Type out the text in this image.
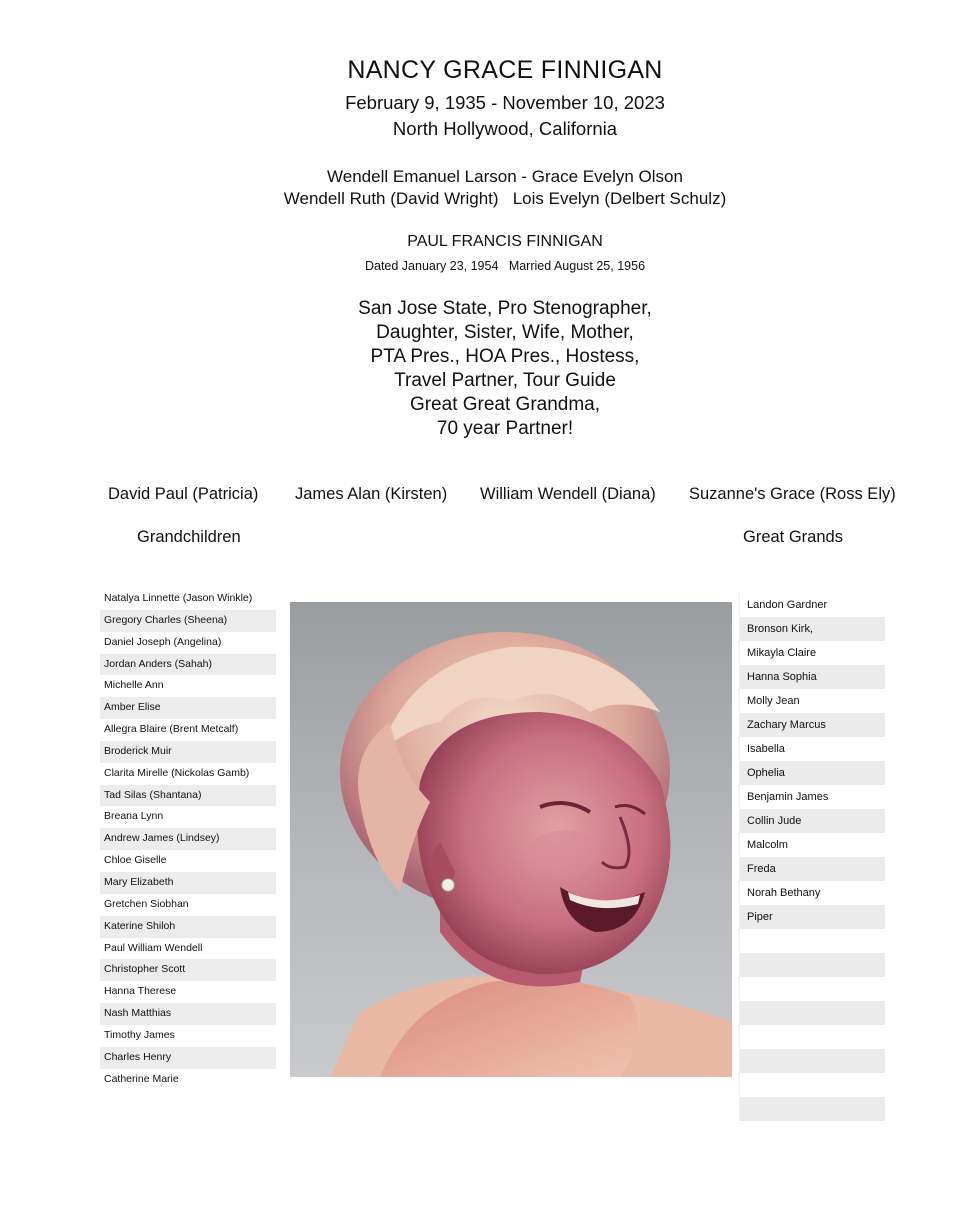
NANCY GRACE FINNIGAN
February 9, 1935 - November 10, 2023
North Hollywood, California
Wendell Emanuel Larson - Grace Evelyn Olson
Wendell Ruth (David Wright)   Lois Evelyn (Delbert Schulz)
PAUL FRANCIS FINNIGAN
Dated January 23, 1954   Married August 25, 1956
San Jose State, Pro Stenographer,
Daughter, Sister, Wife, Mother,
PTA Pres., HOA Pres., Hostess,
Travel Partner, Tour Guide
Great Great Grandma,
70 year Partner!
David Paul (Patricia) James Alan (Kirsten) William Wendell (Diana) Suzanne's Grace (Ross Ely)
Grandchildren	Great Grands
Natalya Linnette (Jason Winkle)
Gregory Charles (Sheena)
Daniel Joseph (Angelina)
Jordan Anders (Sahah)
Michelle Ann
Amber Elise
Allegra Blaire (Brent Metcalf)
Broderick Muir
Clarita Mirelle (Nickolas Gamb)
Tad Silas (Shantana)
Breana Lynn
Andrew James (Lindsey)
Chloe Giselle
Mary Elizabeth
Gretchen Siobhan
Katerine Shiloh
Paul William Wendell
Christopher Scott
Hanna Therese
Nash Matthias
Timothy James
Charles Henry
Catherine Marie
Landon Gardner
Bronson Kirk,
Mikayla Claire
Hanna Sophia
Molly Jean
Zachary Marcus
Isabella
Ophelia
Benjamin James
Collin Jude
Malcolm
Freda
Norah Bethany
Piper
